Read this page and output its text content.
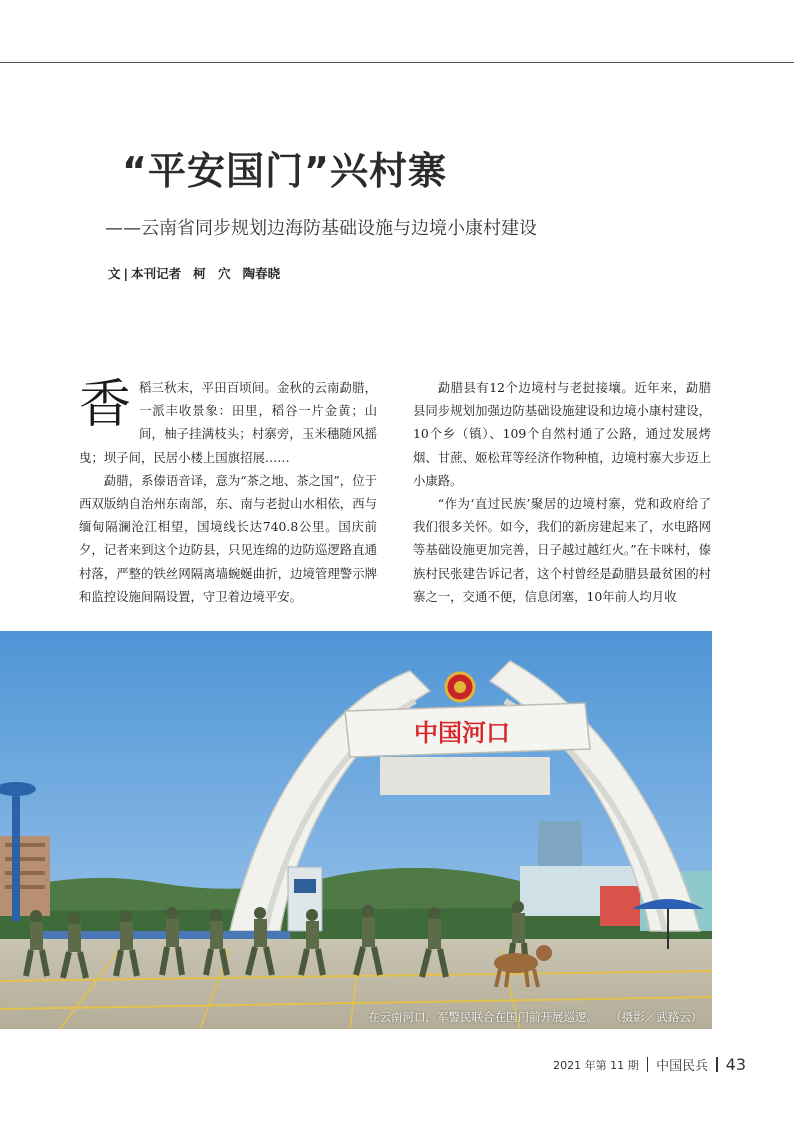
“平安国门”兴村寨
——云南省同步规划边海防基础设施与边境小康村建设
文 | 本刊记者 柯　穴 陶春晓

香稻三秋末，平田百顷间。金秋的云南勐腊，一派丰收景象：田里，稻谷一片金黄；山间，柚子挂满枝头；村寨旁，玉米穗随风摇曳；坝子间，民居小楼上国旗招展……

勐腊，系傣语音译，意为“茶之地、茶之国”，位于西双版纳自治州东南部，东、南与老挝山水相依，西与缅甸隔澜沧江相望，国境线长达740.8公里。国庆前夕，记者来到这个边防县，只见连绵的边防巡逻路直通村落，严整的铁丝网隔离墙蜿蜒曲折，边境管理警示牌和监控设施间隔设置，守卫着边境平安。

勐腊县有12个边境村与老挝接壤。近年来，勐腊县同步规划加强边防基础设施建设和边境小康村建设，10个乡（镇）、109个自然村通了公路，通过发展烤烟、甘蔗、姬松茸等经济作物种植，边境村寨大步迈上小康路。

“作为‘直过民族’聚居的边境村寨，党和政府给了我们很多关怀。如今，我们的新房建起来了，水电路网等基础设施更加完善，日子越过越红火。”在卡咪村，傣族村民张建告诉记者，这个村曾经是勐腊县最贫困的村寨之一，交通不便，信息闭塞，10年前人均月收

中国河口
在云南河口，军警民联合在国门前开展巡逻。 （摄影／武路云）
2021 年第 11 期 中国民兵 43
